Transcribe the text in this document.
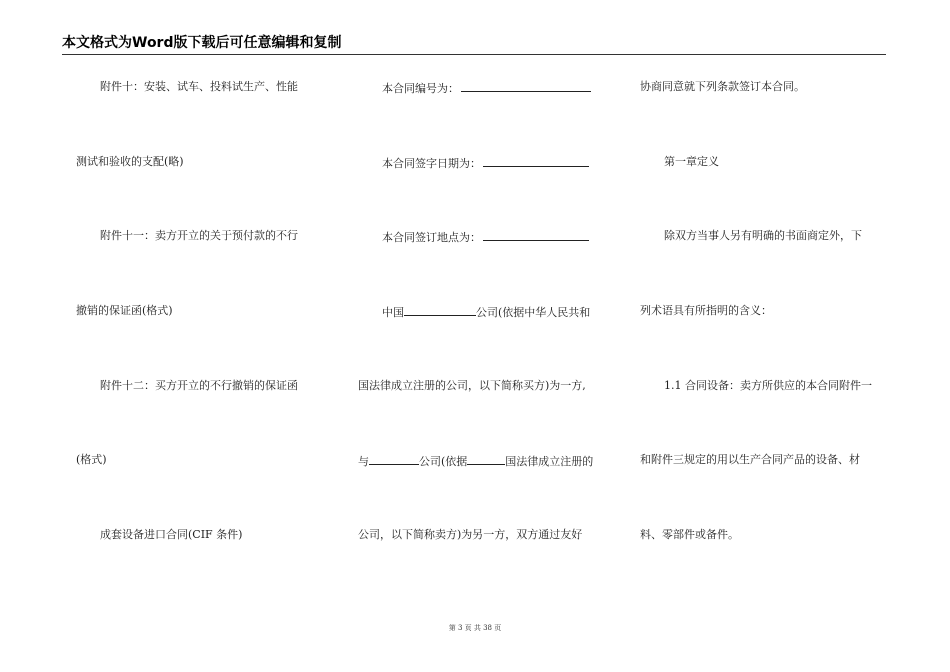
本文格式为Word版下载后可任意编辑和复制
附件十：安装、试车、投料试生产、性能
测试和验收的支配(略)
附件十一：卖方开立的关于预付款的不行
撤销的保证函(格式)
附件十二：买方开立的不行撤销的保证函
(格式)
成套设备进口合同(CIF 条件)
本合同编号为：
本合同签字日期为：
本合同签订地点为：
中国	公司(依据中华人民共和
国法律成立注册的公司，以下简称买方)为一方,
与	公司(依据	国法律成立注册的
公司，以下简称卖方)为另一方，双方通过友好
协商同意就下列条款签订本合同。
第一章定义
除双方当事人另有明确的书面商定外，下
列术语具有所指明的含义：
1.1 合同设备：卖方所供应的本合同附件一
和附件三规定的用以生产合同产品的设备、材
料、零部件或备件。
第 3 页 共 38 页
